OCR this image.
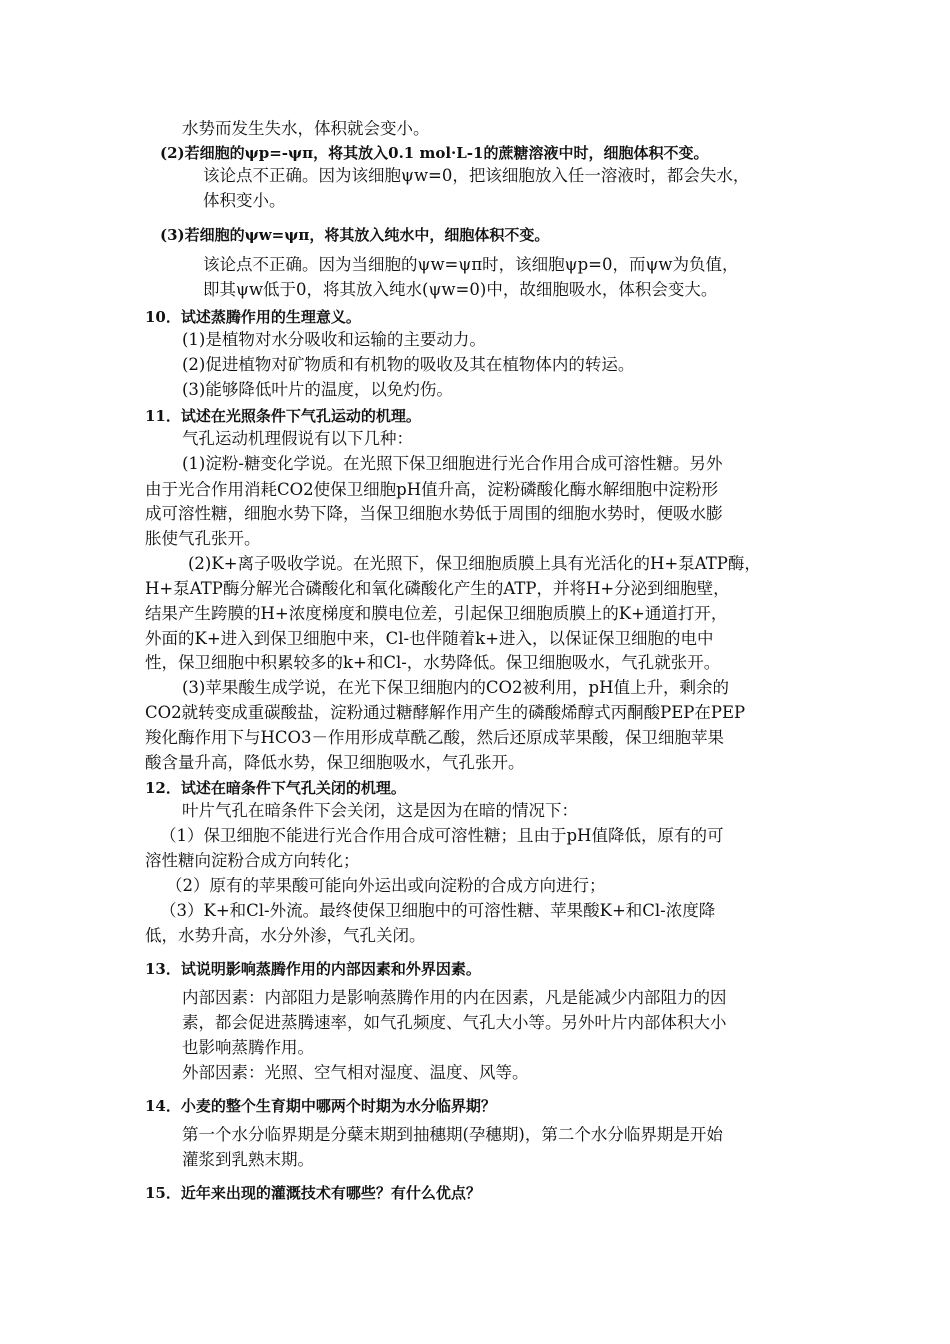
水势而发生失水，体积就会变小。
(2)若细胞的ψp=-ψπ，将其放入0.1 mol·L-1的蔗糖溶液中时，细胞体积不变。
该论点不正确。因为该细胞ψw=0，把该细胞放入任一溶液时，都会失水，
体积变小。
(3)若细胞的ψw=ψπ，将其放入纯水中，细胞体积不变。
该论点不正确。因为当细胞的ψw=ψπ时，该细胞ψp=0，而ψw为负值，
即其ψw低于0，将其放入纯水(ψw=0)中，故细胞吸水，体积会变大。
10．试述蒸腾作用的生理意义。
(1)是植物对水分吸收和运输的主要动力。
(2)促进植物对矿物质和有机物的吸收及其在植物体内的转运。
(3)能够降低叶片的温度，以免灼伤。
11．试述在光照条件下气孔运动的机理。
气孔运动机理假说有以下几种：
(1)淀粉-糖变化学说。在光照下保卫细胞进行光合作用合成可溶性糖。另外
由于光合作用消耗CO2使保卫细胞pH值升高，淀粉磷酸化酶水解细胞中淀粉形
成可溶性糖，细胞水势下降，当保卫细胞水势低于周围的细胞水势时，便吸水膨
胀使气孔张开。
(2)K+离子吸收学说。在光照下，保卫细胞质膜上具有光活化的H+泵ATP酶，
H+泵ATP酶分解光合磷酸化和氧化磷酸化产生的ATP，并将H+分泌到细胞壁，
结果产生跨膜的H+浓度梯度和膜电位差，引起保卫细胞质膜上的K+通道打开，
外面的K+进入到保卫细胞中来，Cl-也伴随着k+进入，以保证保卫细胞的电中
性，保卫细胞中积累较多的k+和Cl-，水势降低。保卫细胞吸水，气孔就张开。
(3)苹果酸生成学说，在光下保卫细胞内的CO2被利用，pH值上升，剩余的
CO2就转变成重碳酸盐，淀粉通过糖酵解作用产生的磷酸烯醇式丙酮酸PEP在PEP
羧化酶作用下与HCO3－作用形成草酰乙酸，然后还原成苹果酸，保卫细胞苹果
酸含量升高，降低水势，保卫细胞吸水，气孔张开。
12．试述在暗条件下气孔关闭的机理。
叶片气孔在暗条件下会关闭，这是因为在暗的情况下：
（1）保卫细胞不能进行光合作用合成可溶性糖；且由于pH值降低，原有的可
溶性糖向淀粉合成方向转化；
（2）原有的苹果酸可能向外运出或向淀粉的合成方向进行；
（3）K+和Cl-外流。最终使保卫细胞中的可溶性糖、苹果酸K+和Cl-浓度降
低，水势升高，水分外渗，气孔关闭。
13．试说明影响蒸腾作用的内部因素和外界因素。
内部因素：内部阻力是影响蒸腾作用的内在因素，凡是能减少内部阻力的因
素，都会促进蒸腾速率，如气孔频度、气孔大小等。另外叶片内部体积大小
也影响蒸腾作用。
外部因素：光照、空气相对湿度、温度、风等。
14．小麦的整个生育期中哪两个时期为水分临界期？
第一个水分临界期是分蘖末期到抽穗期(孕穗期)，第二个水分临界期是开始
灌浆到乳熟末期。
15．近年来出现的灌溉技术有哪些？有什么优点？
